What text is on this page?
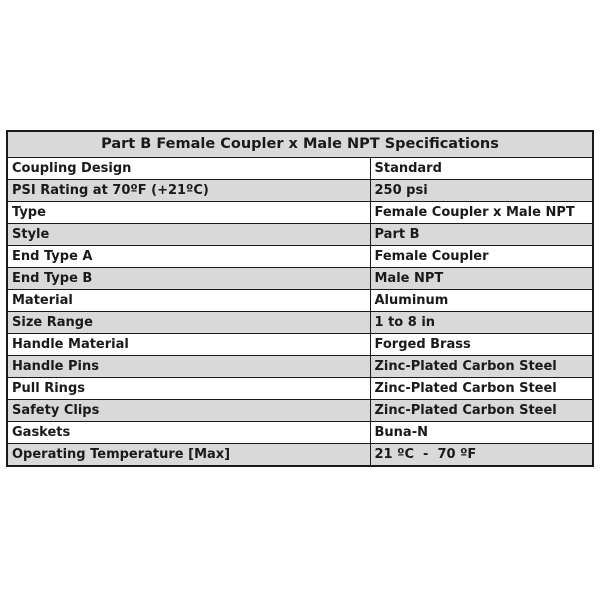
Part B Female Coupler x Male NPT Specifications	
Coupling Design	Standard
PSI Rating at 70ºF (+21ºC)	250 psi
Type	Female Coupler x Male NPT
Style	Part B
End Type A	Female Coupler
End Type B	Male NPT
Material	Aluminum
Size Range	1 to 8 in
Handle Material	Forged Brass
Handle Pins	Zinc-Plated Carbon Steel
Pull Rings	Zinc-Plated Carbon Steel
Safety Clips	Zinc-Plated Carbon Steel
Gaskets	Buna-N
Operating Temperature [Max]	21 ºC  -  70 ºF
